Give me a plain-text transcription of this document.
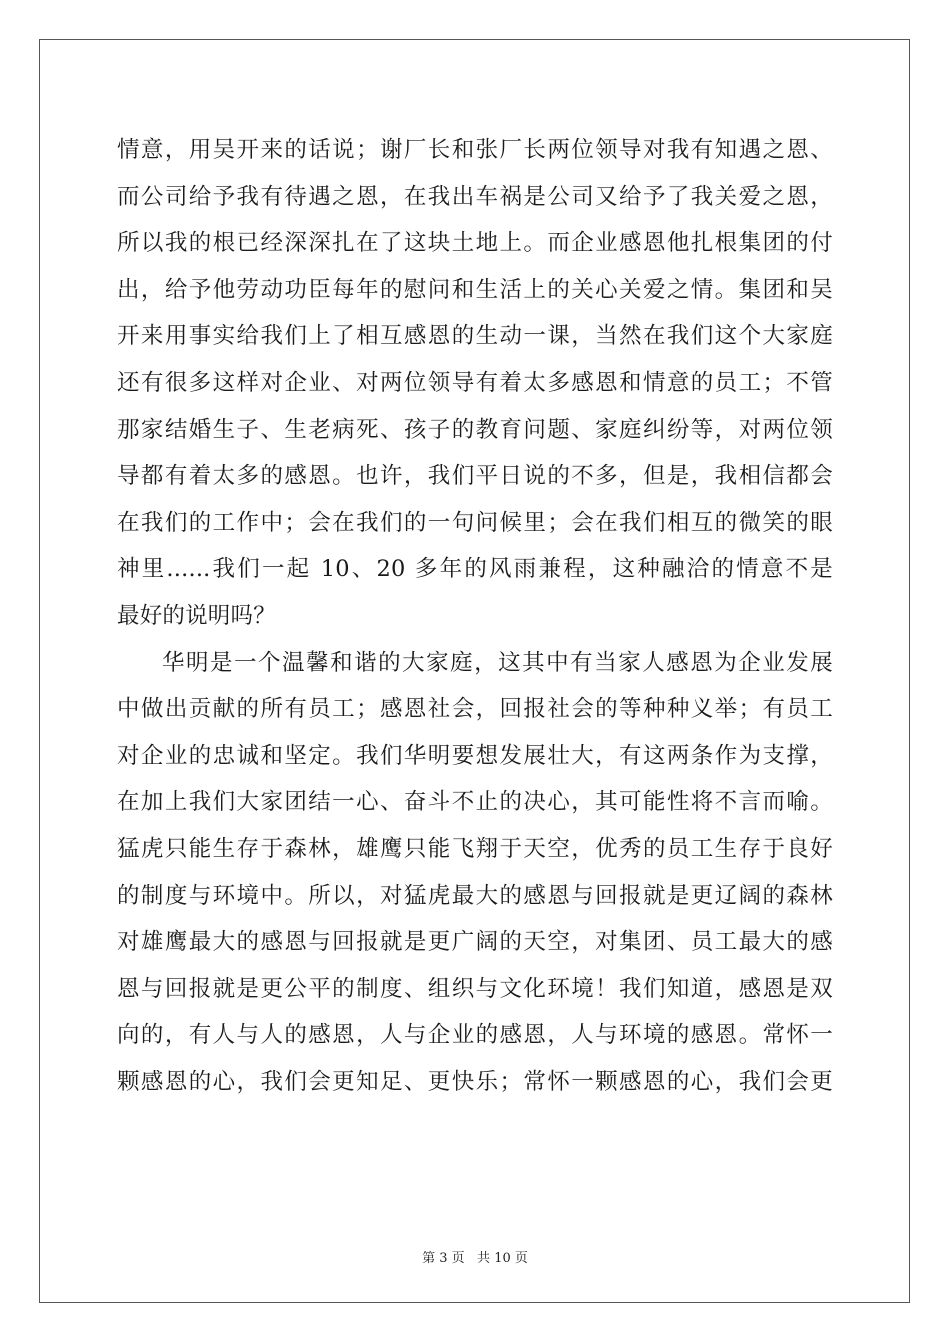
情意，用吴开来的话说；谢厂长和张厂长两位领导对我有知遇之恩、
而公司给予我有待遇之恩，在我出车祸是公司又给予了我关爱之恩，
所以我的根已经深深扎在了这块土地上。而企业感恩他扎根集团的付
出，给予他劳动功臣每年的慰问和生活上的关心关爱之情。集团和吴
开来用事实给我们上了相互感恩的生动一课，当然在我们这个大家庭
还有很多这样对企业、对两位领导有着太多感恩和情意的员工；不管
那家结婚生子、生老病死、孩子的教育问题、家庭纠纷等，对两位领
导都有着太多的感恩。也许，我们平日说的不多，但是，我相信都会
在我们的工作中；会在我们的一句问候里；会在我们相互的微笑的眼
神里......我们一起 10、20 多年的风雨兼程，这种融洽的情意不是
最好的说明吗？
华明是一个温馨和谐的大家庭，这其中有当家人感恩为企业发展
中做出贡献的所有员工；感恩社会，回报社会的等种种义举；有员工
对企业的忠诚和坚定。我们华明要想发展壮大，有这两条作为支撑，
在加上我们大家团结一心、奋斗不止的决心，其可能性将不言而喻。
猛虎只能生存于森林，雄鹰只能飞翔于天空，优秀的员工生存于良好
的制度与环境中。所以，对猛虎最大的感恩与回报就是更辽阔的森林
对雄鹰最大的感恩与回报就是更广阔的天空，对集团、员工最大的感
恩与回报就是更公平的制度、组织与文化环境！我们知道，感恩是双
向的，有人与人的感恩，人与企业的感恩，人与环境的感恩。常怀一
颗感恩的心，我们会更知足、更快乐；常怀一颗感恩的心，我们会更
第 3 页   共 10 页
